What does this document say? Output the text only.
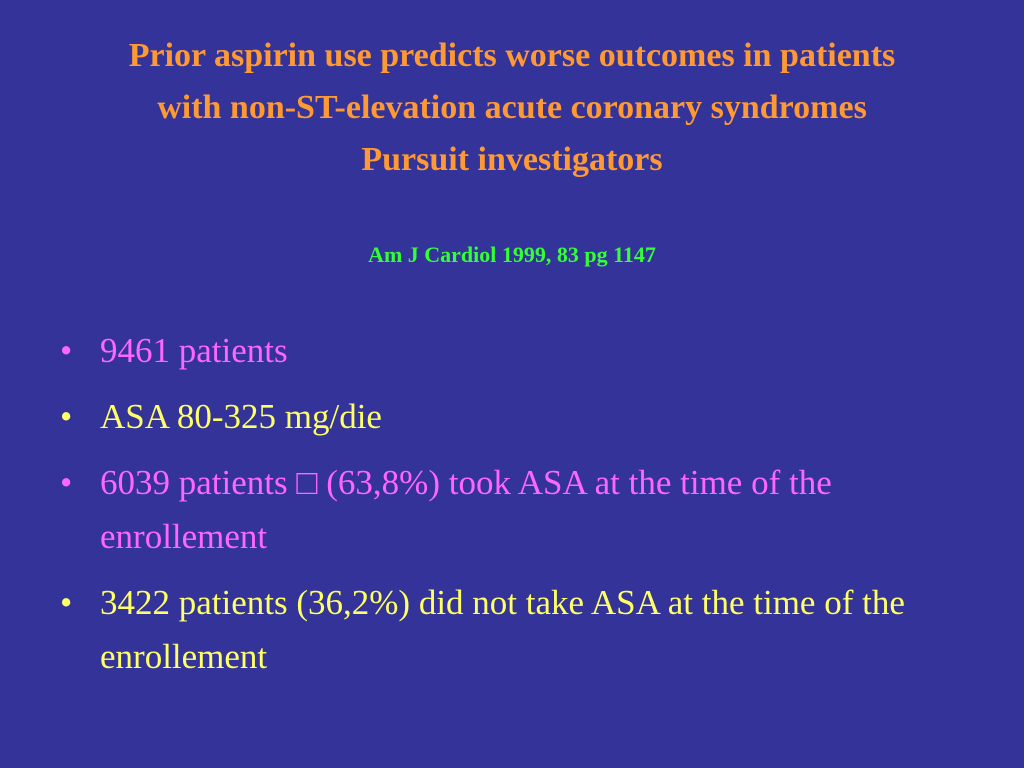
Prior aspirin use predicts worse outcomes in patients
with non-ST-elevation acute coronary syndromes
Pursuit investigators

Am J Cardiol 1999, 83 pg 1147

• 9461 patients
• ASA 80-325 mg/die
• 6039 patients □ (63,8%) took ASA at the time of the enrollement
• 3422 patients (36,2%) did not take ASA at the time of the enrollement
